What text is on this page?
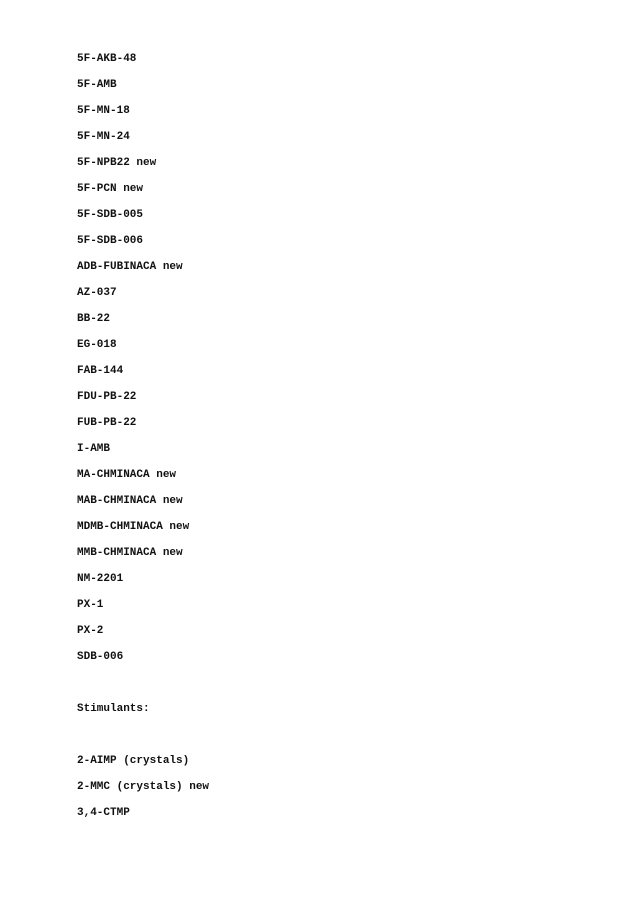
5F-AKB-48
5F-AMB
5F-MN-18
5F-MN-24
5F-NPB22 new
5F-PCN new
5F-SDB-005
5F-SDB-006
ADB-FUBINACA new
AZ-037
BB-22
EG-018
FAB-144
FDU-PB-22
FUB-PB-22
I-AMB
MA-CHMINACA new
MAB-CHMINACA new
MDMB-CHMINACA new
MMB-CHMINACA new
NM-2201
PX-1
PX-2
SDB-006
Stimulants:
2-AIMP (crystals)
2-MMC (crystals) new
3,4-CTMP
